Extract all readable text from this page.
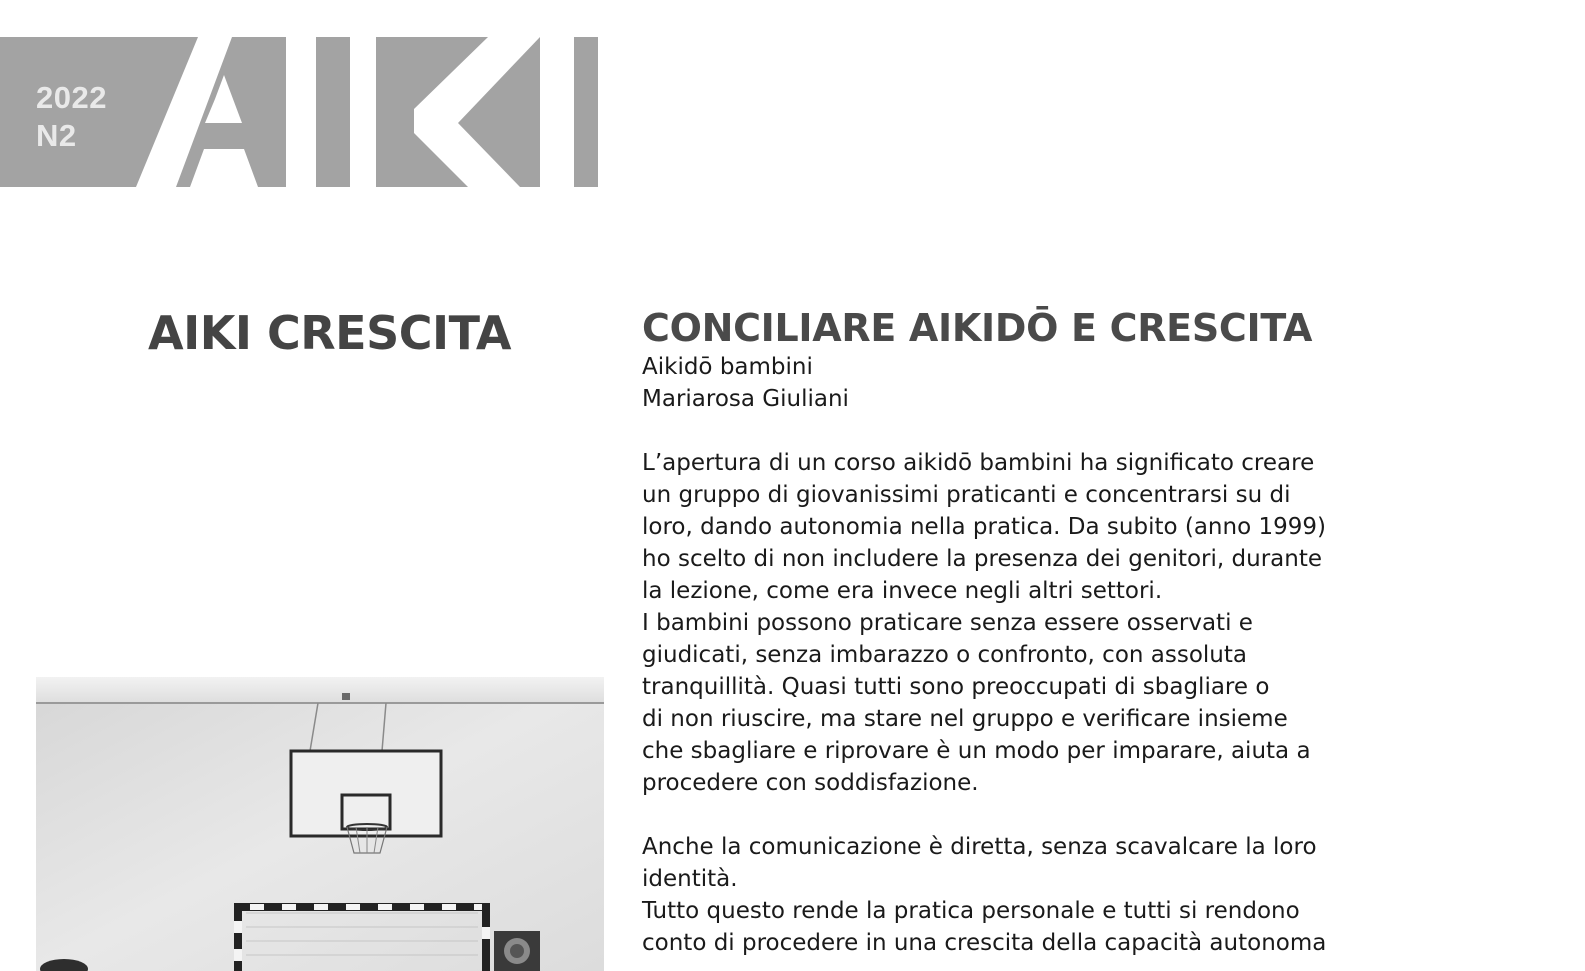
2022
N2
AIKI CRESCITA	CONCILIARE AIKIDŌ E CRESCITA
Aikidō bambini
Mariarosa Giuliani
L’apertura di un corso aikidō bambini ha significato creare
un gruppo di giovanissimi praticanti e concentrarsi su di
loro, dando autonomia nella pratica. Da subito (anno 1999)
ho scelto di non includere la presenza dei genitori, durante
la lezione, come era invece negli altri settori.
I bambini possono praticare senza essere osservati e
giudicati, senza imbarazzo o confronto, con assoluta
tranquillità. Quasi tutti sono preoccupati di sbagliare o
di non riuscire, ma stare nel gruppo e verificare insieme
che sbagliare e riprovare è un modo per imparare, aiuta a
procedere con soddisfazione.
Anche la comunicazione è diretta, senza scavalcare la loro
identità.
Tutto questo rende la pratica personale e tutti si rendono
conto di procedere in una crescita della capacità autonoma
